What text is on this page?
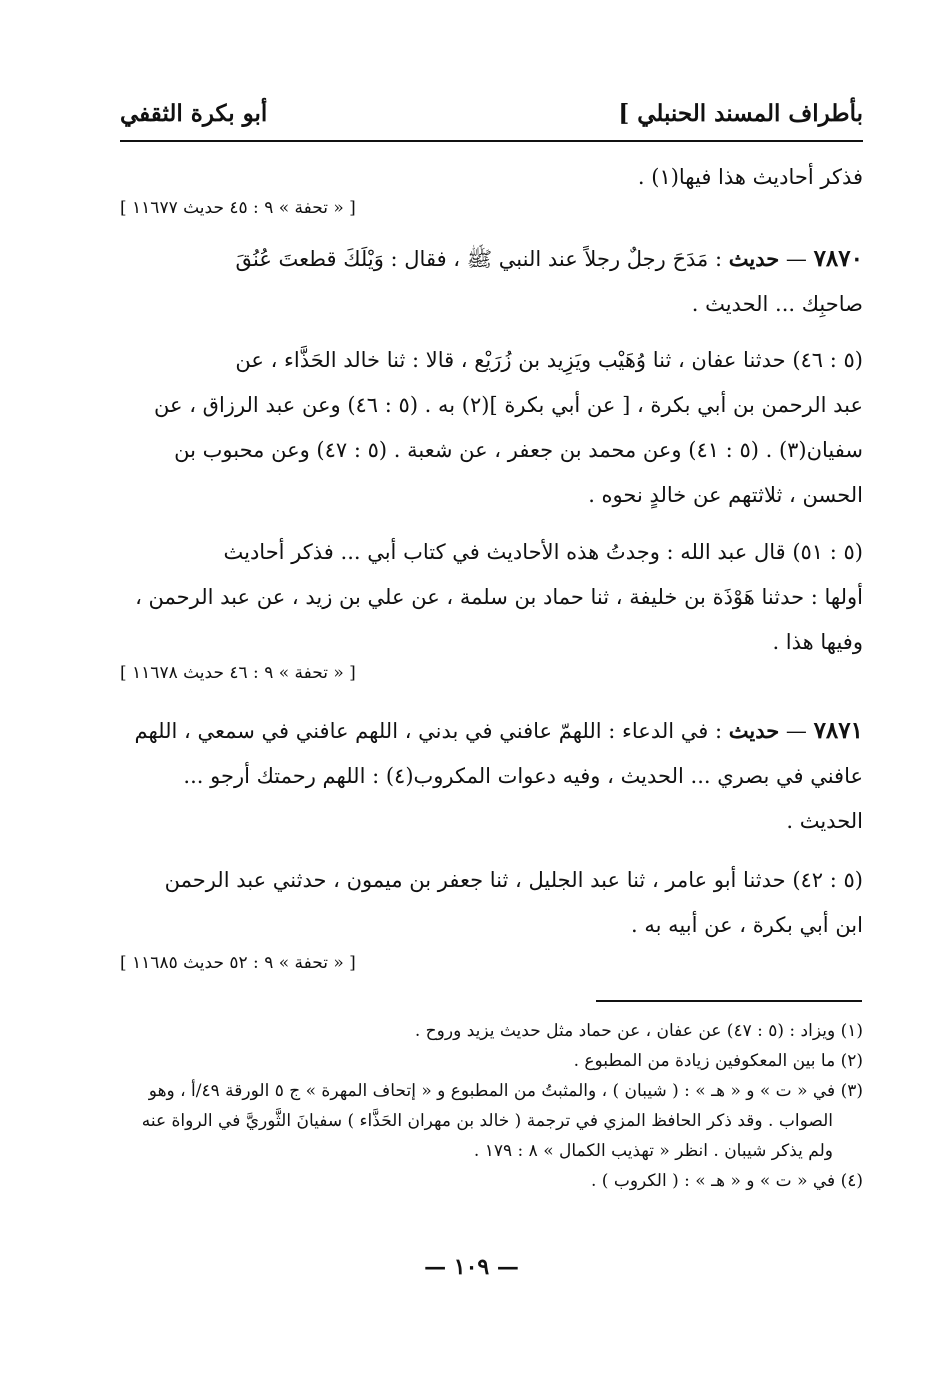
بأطراف المسند الحنبلي ]
أبو بكرة الثقفي
فذكر أحاديث هذا فيها(١) .
[ « تحفة » ٩ : ٤٥ حديث ١١٦٧٧ ]
٧٨٧٠ — حديث : مَدَحَ رجلٌ رجلاً عند النبي ﷺ ، فقال : وَيْلَكَ قطعتَ عُنُقَ
صاحبِك ... الحديث .
(٥ : ٤٦) حدثنا عفان ، ثنا وُهَيْب ويَزِيد بن زُرَيْع ، قالا : ثنا خالد الحَذَّاء ، عن
عبد الرحمن بن أبي بكرة ، [ عن أبي بكرة ](٢) به . (٥ : ٤٦) وعن عبد الرزاق ، عن
سفيان(٣) . (٥ : ٤١) وعن محمد بن جعفر ، عن شعبة . (٥ : ٤٧) وعن محبوب بن
الحسن ، ثلاثتهم عن خالدٍ نحوه .
(٥ : ٥١) قال عبد الله : وجدتُ هذه الأحاديث في كتاب أبي ... فذكر أحاديث
أولها : حدثنا هَوْذَة بن خليفة ، ثنا حماد بن سلمة ، عن علي بن زيد ، عن عبد الرحمن ،
وفيها هذا .
[ « تحفة » ٩ : ٤٦ حديث ١١٦٧٨ ]
٧٨٧١ — حديث : في الدعاء : اللهمّ عافني في بدني ، اللهم عافني في سمعي ، اللهم
عافني في بصري ... الحديث ، وفيه دعوات المكروب(٤) : اللهم رحمتك أرجو ...
الحديث .
(٥ : ٤٢) حدثنا أبو عامر ، ثنا عبد الجليل ، ثنا جعفر بن ميمون ، حدثني عبد الرحمن
ابن أبي بكرة ، عن أبيه به .
[ « تحفة » ٩ : ٥٢ حديث ١١٦٨٥ ]
(١) ويزاد : (٥ : ٤٧) عن عفان ، عن حماد مثل حديث يزيد وروح .
(٢) ما بين المعكوفين زيادة من المطبوع .
(٣) في « ت » و « هـ » : ( شيبان ) ، والمثبتُ من المطبوع و « إتحاف المهرة » ج ٥ الورقة ٤٩/أ ، وهو
الصواب . وقد ذكر الحافظ المزي في ترجمة ( خالد بن مهران الحَذَّاء ) سفيانَ الثَّوريَّ في الرواة عنه
ولم يذكر شيبان . انظر « تهذيب الكمال » ٨ : ١٧٩ .
(٤) في « ت » و « هـ » : ( الكروب ) .
— ١٠٩ —
